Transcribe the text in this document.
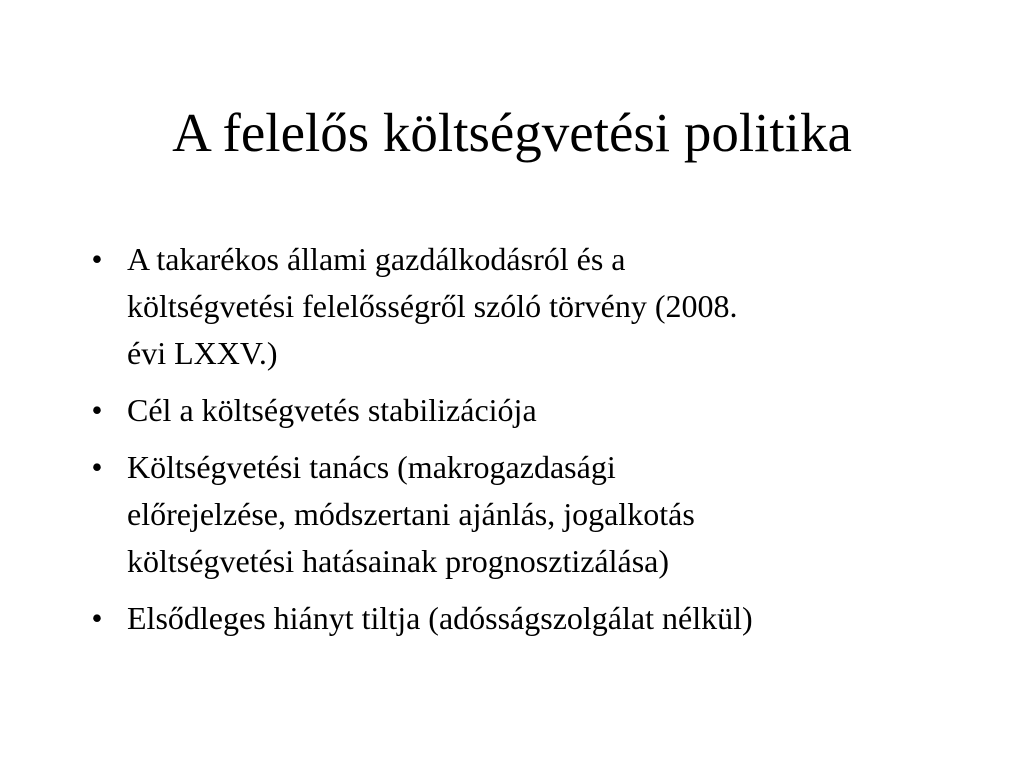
A felelős költségvetési politika
• A takarékos állami gazdálkodásról és a
költségvetési felelősségről szóló törvény (2008.
évi LXXV.)
• Cél a költségvetés stabilizációja
• Költségvetési tanács (makrogazdasági
előrejelzése, módszertani ajánlás, jogalkotás
költségvetési hatásainak prognosztizálása)
• Elsődleges hiányt tiltja (adósságszolgálat nélkül)
